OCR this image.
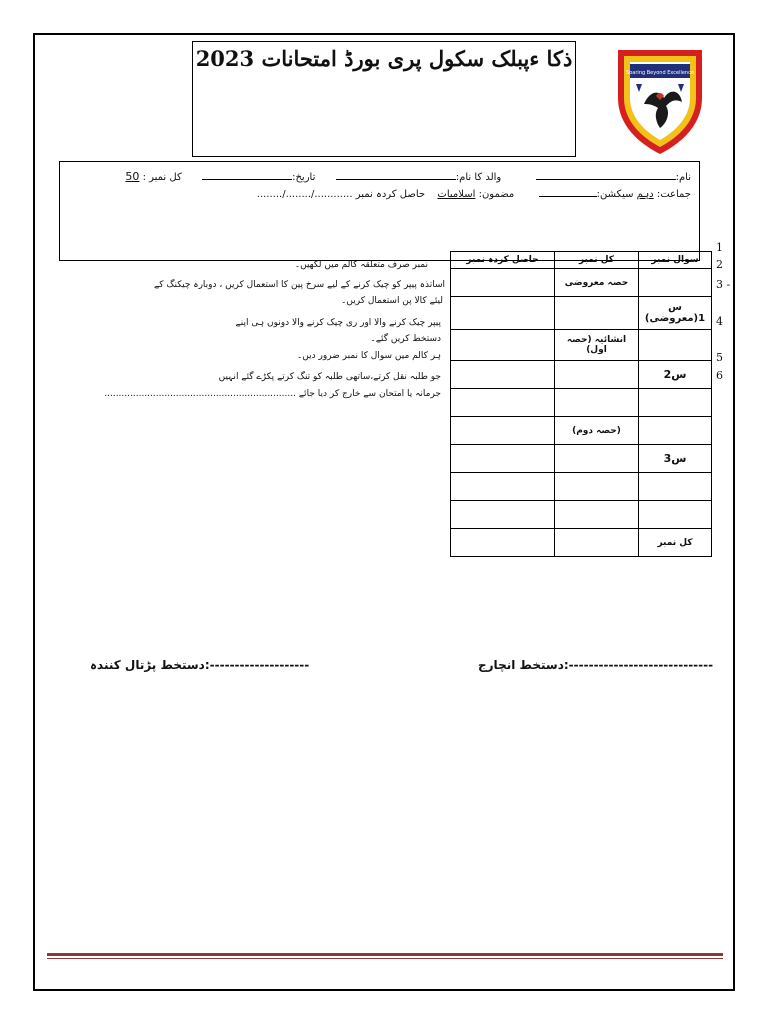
ذکا ءپبلک سکول پری بورڈ امتحانات 2023
Soaring Beyond Excellence
نام:  والد کا نام:  تاریخ:  کل نمبر : 50
جماعت: دہم سیکشن:  مضمون: اسلامیات  حاصل کردہ نمبر ............/......../........
1
2
3 -
4
5
6
نمبر صرف متعلقہ کالم میں لکھیں۔
اساتذہ پیپر کو چیک کرنے کے لیے سرخ پین کا استعمال کریں ، دوبارہ چیکنگ کے
لیئے کالا پن استعمال کریں۔
پیپر چیک کرنے والا اور ری چیک کرنے والا دونوں ہی اپنے
دستخط کریں گئے۔
ہر کالم میں سوال کا نمبر ضرور دیں۔
جو طلبہ نقل کرتے،ساتھی طلبہ کو تنگ کرتے پکڑے گئے انہیں
جرمانہ یا امتحان سے خارج کر دیا جائے ...................................................................
حاصل کردہ نمبر	کل نمبر	سوال نمبر
	حصہ معروضی	
		س 1(معروضی)
	انشائیہ (حصہ اول)	
		س2

	(حصہ دوم)	
		س3

		کل نمبر
دستخط پڑتال کنندہ:--------------------	دستخط انچارج:-----------------------------
